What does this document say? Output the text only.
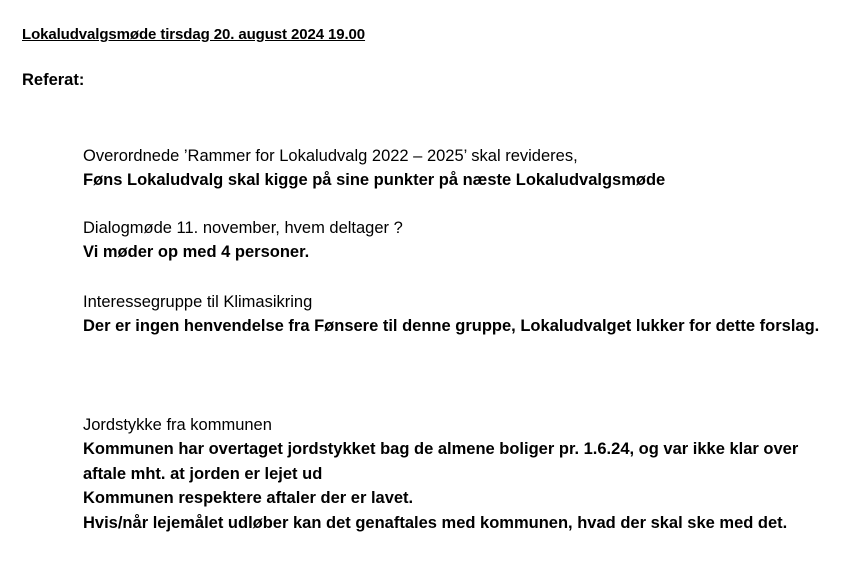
Lokaludvalgsmøde tirsdag 20. august 2024 19.00
Referat:
Overordnede ’Rammer for Lokaludvalg 2022 – 2025’ skal revideres,
Føns Lokaludvalg skal kigge på sine punkter på næste Lokaludvalgsmøde
Dialogmøde 11. november, hvem deltager ?
Vi møder op med 4 personer.
Interessegruppe til Klimasikring
Der er ingen henvendelse fra Fønsere til denne gruppe, Lokaludvalget lukker for dette forslag.
Jordstykke fra kommunen
Kommunen har overtaget jordstykket bag de almene boliger pr. 1.6.24, og var ikke klar over aftale mht. at jorden er lejet ud
Kommunen respektere aftaler der er lavet.
Hvis/når lejemålet udløber kan det genaftales med kommunen, hvad der skal ske med det.
